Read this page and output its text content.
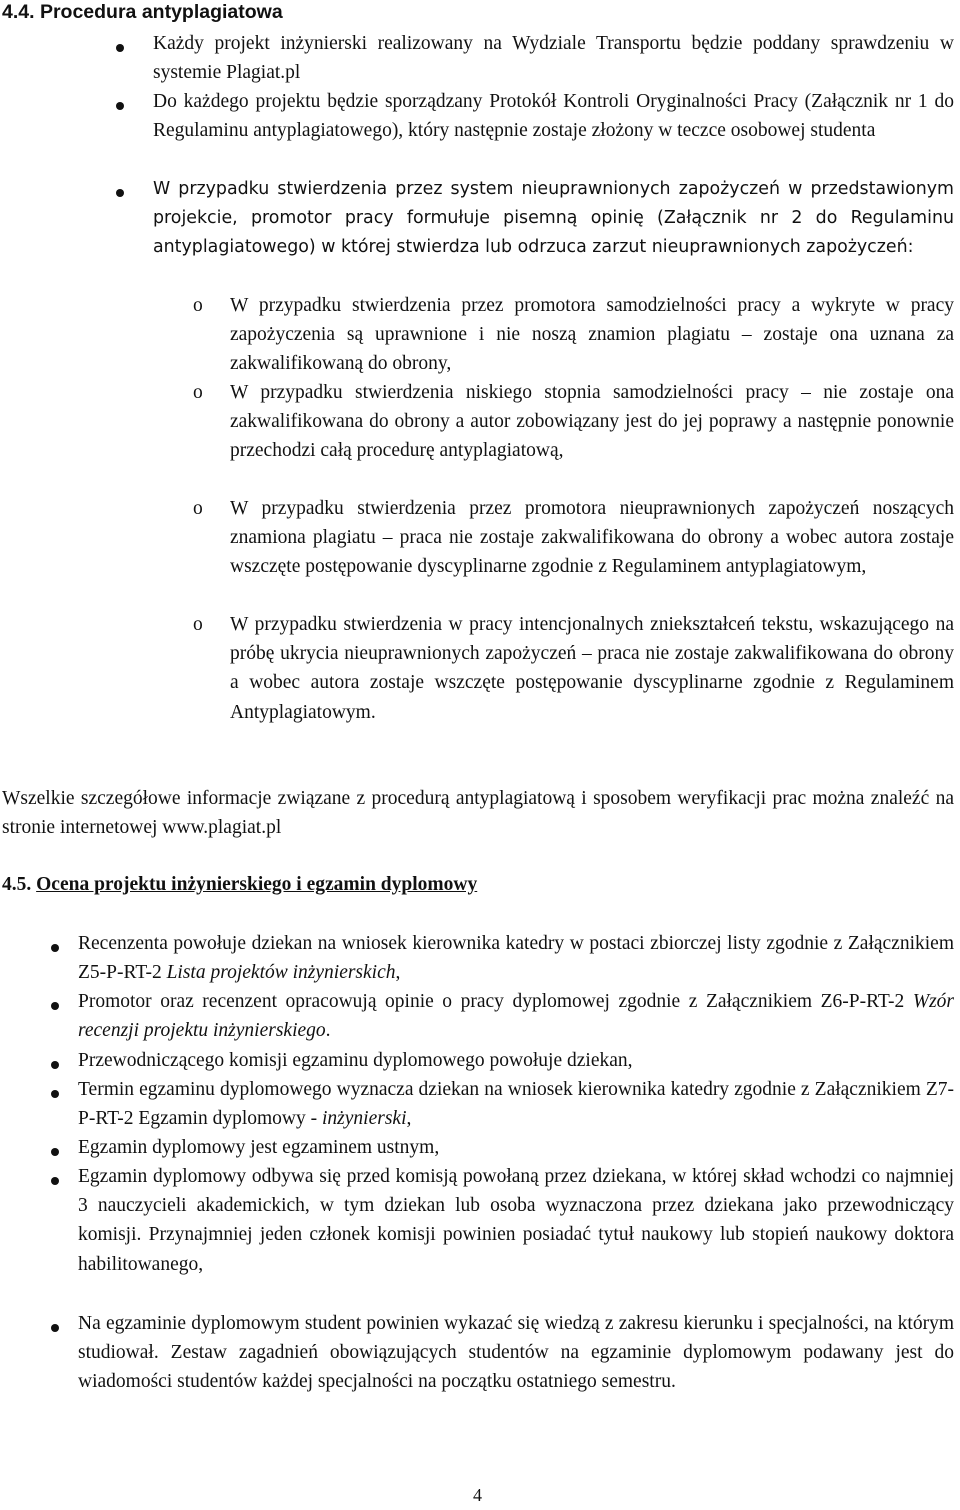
4.4. Procedura antyplagiatowa
Każdy projekt inżynierski realizowany na Wydziale Transportu będzie poddany sprawdzeniu w systemie Plagiat.pl
Do każdego projektu będzie sporządzany Protokół Kontroli Oryginalności Pracy (Załącznik nr 1 do Regulaminu antyplagiatowego), który następnie zostaje złożony w teczce osobowej studenta
W przypadku stwierdzenia przez system nieuprawnionych zapożyczeń w przedstawionym projekcie, promotor pracy formułuje pisemną opinię (Załącznik nr 2 do Regulaminu antyplagiatowego) w której stwierdza lub odrzuca zarzut nieuprawnionych zapożyczeń:
o W przypadku stwierdzenia przez promotora samodzielności pracy a wykryte w pracy zapożyczenia są uprawnione i nie noszą znamion plagiatu – zostaje ona uznana za zakwalifikowaną do obrony,
o W przypadku stwierdzenia niskiego stopnia samodzielności pracy – nie zostaje ona zakwalifikowana do obrony a autor zobowiązany jest do jej poprawy a następnie ponownie przechodzi całą procedurę antyplagiatową,
o W przypadku stwierdzenia przez promotora nieuprawnionych zapożyczeń noszących znamiona plagiatu – praca nie zostaje zakwalifikowana do obrony a wobec autora zostaje wszczęte postępowanie dyscyplinarne zgodnie z Regulaminem antyplagiatowym,
o W przypadku stwierdzenia w pracy intencjonalnych zniekształceń tekstu, wskazującego na próbę ukrycia nieuprawnionych zapożyczeń – praca nie zostaje zakwalifikowana do obrony a wobec autora zostaje wszczęte postępowanie dyscyplinarne zgodnie z Regulaminem Antyplagiatowym.
Wszelkie szczegółowe informacje związane z procedurą antyplagiatową i sposobem weryfikacji prac można znaleźć na stronie internetowej www.plagiat.pl
4.5. Ocena projektu inżynierskiego i egzamin dyplomowy
Recenzenta powołuje dziekan na wniosek kierownika katedry w postaci zbiorczej listy zgodnie z Załącznikiem Z5-P-RT-2 Lista projektów inżynierskich,
Promotor oraz recenzent opracowują opinie o pracy dyplomowej zgodnie z Załącznikiem Z6-P-RT-2 Wzór recenzji projektu inżynierskiego.
Przewodniczącego komisji egzaminu dyplomowego powołuje dziekan,
Termin egzaminu dyplomowego wyznacza dziekan na wniosek kierownika katedry zgodnie z Załącznikiem Z7-P-RT-2 Egzamin dyplomowy - inżynierski,
Egzamin dyplomowy jest egzaminem ustnym,
Egzamin dyplomowy odbywa się przed komisją powołaną przez dziekana, w której skład wchodzi co najmniej 3 nauczycieli akademickich, w tym dziekan lub osoba wyznaczona przez dziekana jako przewodniczący komisji. Przynajmniej jeden członek komisji powinien posiadać tytuł naukowy lub stopień naukowy doktora habilitowanego,
Na egzaminie dyplomowym student powinien wykazać się wiedzą z zakresu kierunku i specjalności, na którym studiował. Zestaw zagadnień obowiązujących studentów na egzaminie dyplomowym podawany jest do wiadomości studentów każdej specjalności na początku ostatniego semestru.
4
